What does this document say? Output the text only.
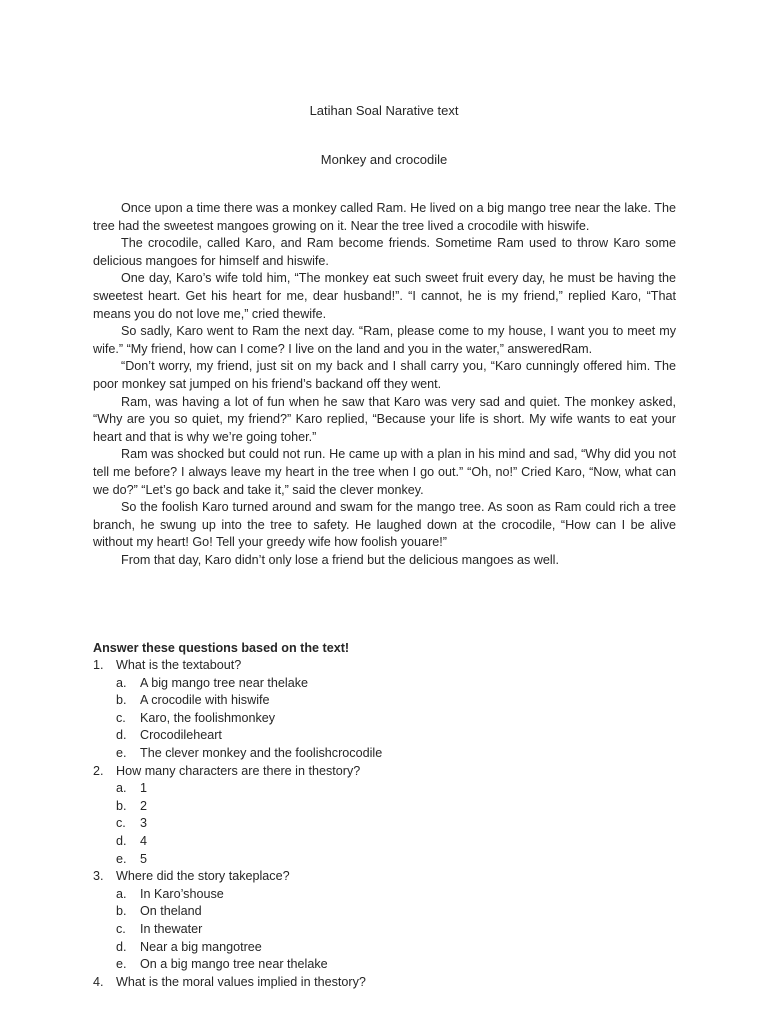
Latihan Soal Narative text
Monkey and crocodile

Once upon a time there was a monkey called Ram. He lived on a big mango tree near the lake. The tree had the sweetest mangoes growing on it. Near the tree lived a crocodile with hiswife.

The crocodile, called Karo, and Ram become friends. Sometime Ram used to throw Karo some delicious mangoes for himself and hiswife.

One day, Karo’s wife told him, “The monkey eat such sweet fruit every day, he must be having the sweetest heart. Get his heart for me, dear husband!”. “I cannot, he is my friend,” replied Karo, “That means you do not love me,” cried thewife.

So sadly, Karo went to Ram the next day. “Ram, please come to my house, I want you to meet my wife.” “My friend, how can I come? I live on the land and you in the water,” answeredRam.

“Don’t worry, my friend, just sit on my back and I shall carry you, “Karo cunningly offered him. The poor monkey sat jumped on his friend’s backand off they went.

Ram, was having a lot of fun when he saw that Karo was very sad and quiet. The monkey asked, “Why are you so quiet, my friend?” Karo replied, “Because your life is short. My wife wants to eat your heart and that is why we’re going toher.”

Ram was shocked but could not run. He came up with a plan in his mind and sad, “Why did you not tell me before? I always leave my heart in the tree when I go out.” “Oh, no!” Cried Karo, “Now, what can we do?” “Let’s go back and take it,” said the clever monkey.

So the foolish Karo turned around and swam for the mango tree. As soon as Ram could rich a tree branch, he swung up into the tree to safety. He laughed down at the crocodile, “How can I be alive without my heart! Go! Tell your greedy wife how foolish youare!”

From that day, Karo didn’t only lose a friend but the delicious mangoes as well.

Answer these questions based on the text!
1. What is the textabout?
a. A big mango tree near thelake
b. A crocodile with hiswife
c. Karo, the foolishmonkey
d. Crocodileheart
e. The clever monkey and the foolishcrocodile
2. How many characters are there in thestory?
a. 1
b. 2
c. 3
d. 4
e. 5
3. Where did the story takeplace?
a. In Karo’shouse
b. On theland
c. In thewater
d. Near a big mangotree
e. On a big mango tree near thelake
4. What is the moral values implied in thestory?
